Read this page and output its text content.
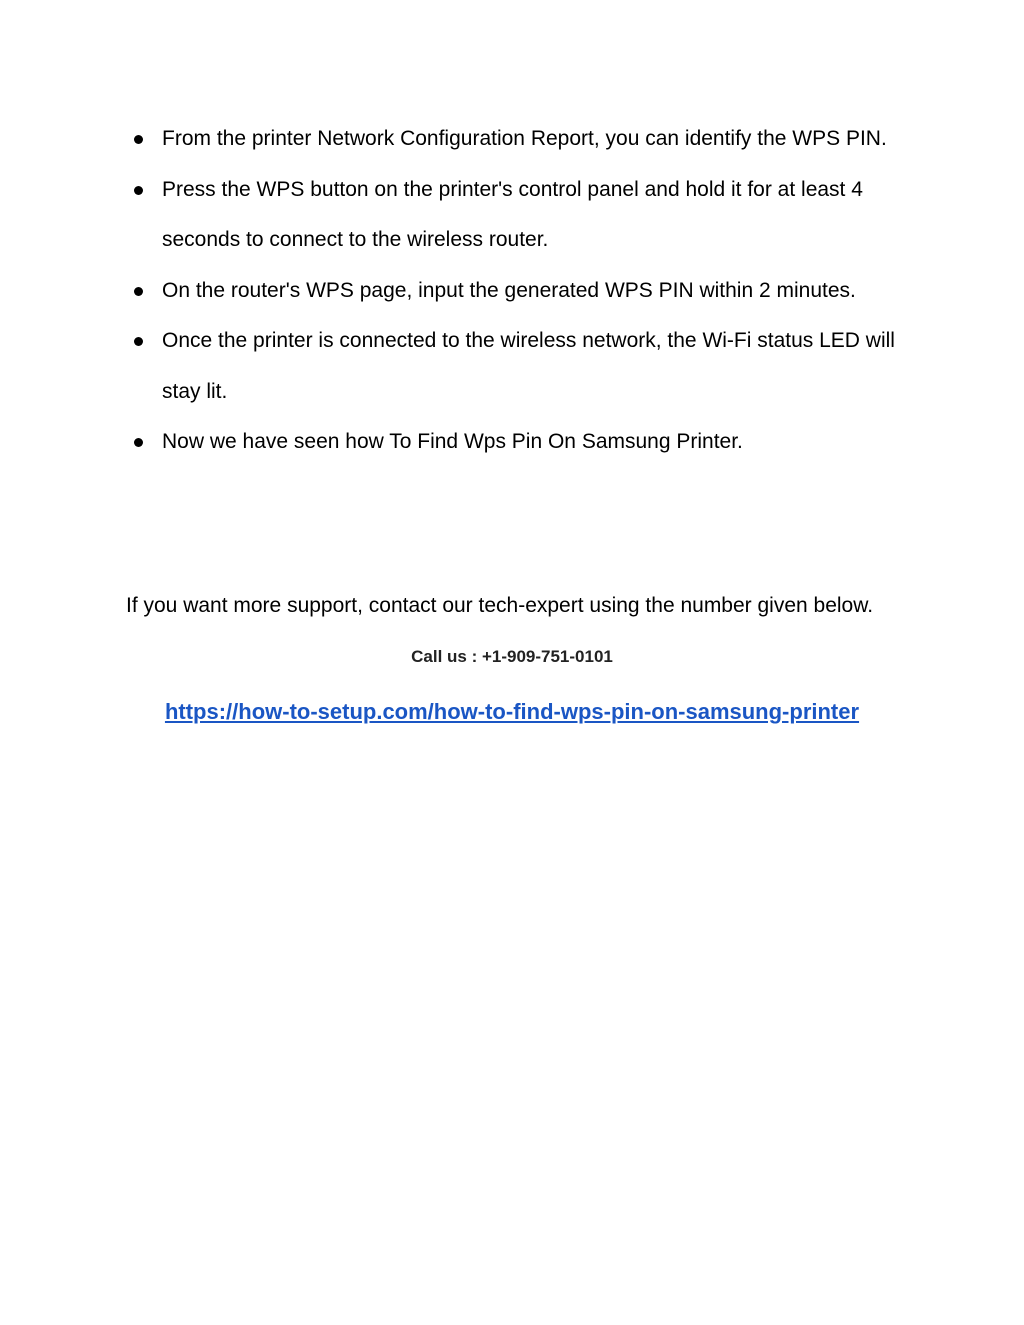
From the printer Network Configuration Report, you can identify the WPS PIN.
Press the WPS button on the printer's control panel and hold it for at least 4 seconds to connect to the wireless router.
On the router's WPS page, input the generated WPS PIN within 2 minutes.
Once the printer is connected to the wireless network, the Wi-Fi status LED will stay lit.
Now we have seen how To Find Wps Pin On Samsung Printer.
If you want more support, contact our tech-expert using the number given below.
Call us : +1-909-751-0101
https://how-to-setup.com/how-to-find-wps-pin-on-samsung-printer
